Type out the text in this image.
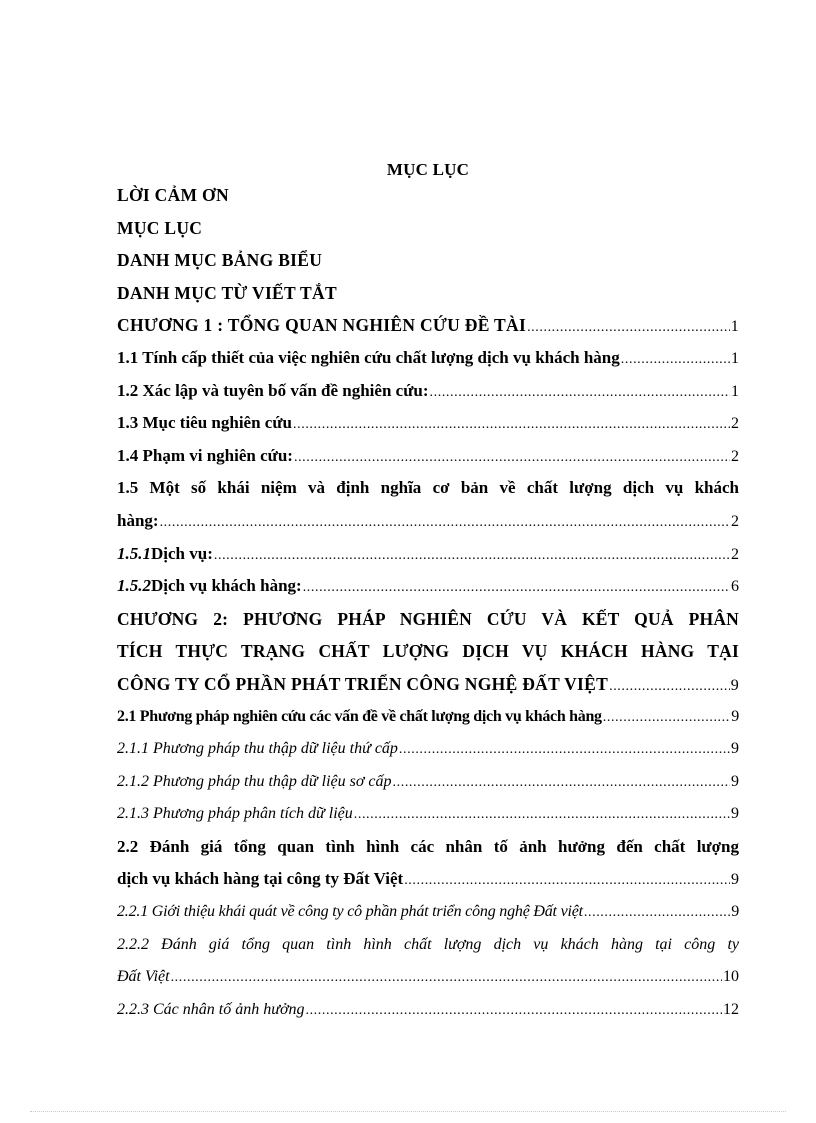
MỤC LỤC
LỜI CẢM ƠN
MỤC LỤC
DANH MỤC BẢNG BIỂU
DANH MỤC TỪ VIẾT TẮT
CHƯƠNG 1 : TỔNG QUAN NGHIÊN CỨU ĐỀ TÀI .....	1
1.1 Tính cấp thiết của việc nghiên cứu chất lượng dịch vụ khách hàng .....	1
1.2 Xác lập và tuyên bố vấn đề nghiên cứu: .....	1
1.3 Mục tiêu nghiên cứu .....	2
1.4 Phạm vi nghiên cứu: .....	2
1.5 Một số khái niệm và định nghĩa cơ bản về chất lượng dịch vụ khách
hàng: .....	2
1.5.1 Dịch vụ: .....	2
1.5.2 Dịch vụ khách hàng: .....	6
CHƯƠNG 2: PHƯƠNG PHÁP NGHIÊN CỨU VÀ KẾT QUẢ PHÂN
TÍCH THỰC TRẠNG CHẤT LƯỢNG DỊCH VỤ KHÁCH HÀNG TẠI
CÔNG TY CỔ PHẦN PHÁT TRIỂN CÔNG NGHỆ ĐẤT VIỆT .....	9
2.1 Phương pháp nghiên cứu các vấn đề về chất lượng dịch vụ khách hàng .....	9
2.1.1 Phương pháp thu thập dữ liệu thứ cấp .....	9
2.1.2 Phương pháp thu thập dữ liệu sơ cấp .....	9
2.1.3 Phương pháp phân tích dữ liệu .....	9
2.2 Đánh giá tổng quan tình hình các nhân tố ảnh hưởng đến chất lượng
dịch vụ khách hàng tại công ty Đất Việt .....	9
2.2.1 Giới thiệu khái quát về công ty cô phần phát triển công nghệ Đất việt .....	9
2.2.2 Đánh giá tổng quan tình hình chất lượng dịch vụ khách hàng tại công ty
Đất Việt .....	10
2.2.3 Các nhân tố ảnh hưởng .....	12
